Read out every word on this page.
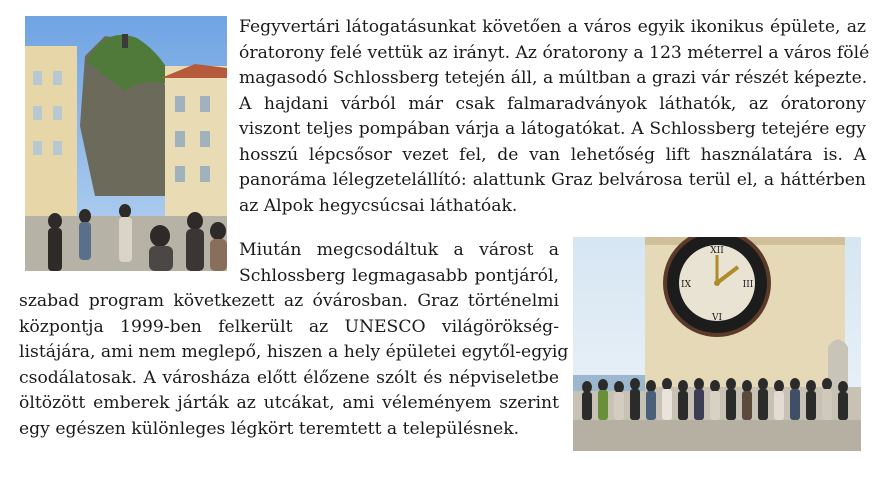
Fegyvertári látogatásunkat követően a város egyik ikonikus épülete, az
óratorony felé vettük az irányt. Az óratorony a 123 méterrel a város fölé
magasodó Schlossberg tetején áll, a múltban a grazi vár részét képezte.
A hajdani várból már csak falmaradványok láthatók, az óratorony
viszont teljes pompában várja a látogatókat. A Schlossberg tetejére egy
hosszú lépcsősor vezet fel, de van lehetőség lift használatára is. A
panoráma lélegzetelállító: alattunk Graz belvárosa terül el, a háttérben
az Alpok hegycsúcsai láthatóak.
Miután megcsodáltuk a várost a
Schlossberg legmagasabb pontjáról,
szabad program következett az óvárosban. Graz történelmi
központja 1999-ben felkerült az UNESCO világörökség-
listájára, ami nem meglepő, hiszen a hely épületei egytől-egyig
csodálatosak. A városháza előtt élőzene szólt és népviseletbe
öltözött emberek járták az utcákat, ami véleményem szerint
egy egészen különleges légkört teremtett a településnek.
XII
III
VI
IX
